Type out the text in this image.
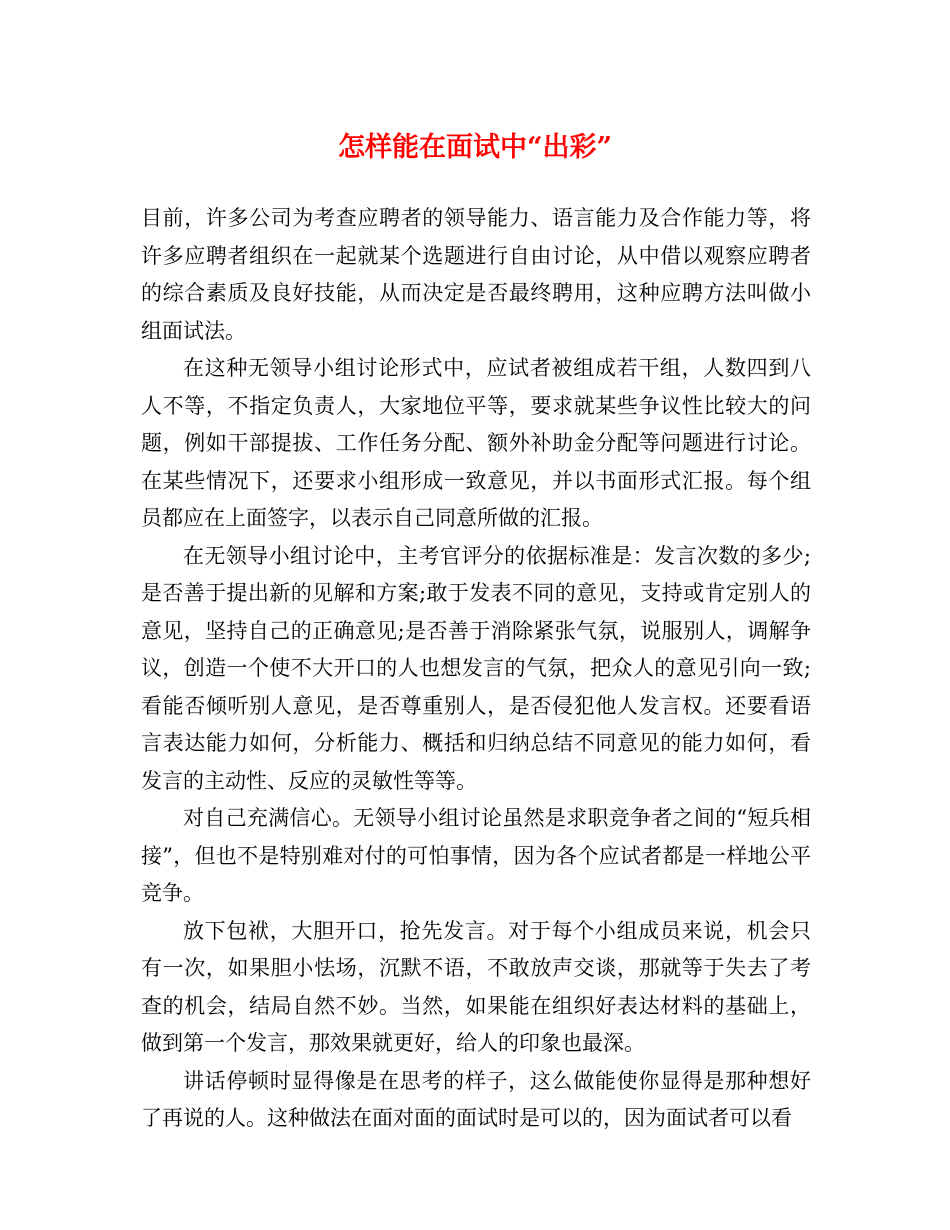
怎样能在面试中“出彩”

目前，许多公司为考查应聘者的领导能力、语言能力及合作能力等，将许多应聘者组织在一起就某个选题进行自由讨论，从中借以观察应聘者的综合素质及良好技能，从而决定是否最终聘用，这种应聘方法叫做小组面试法。

在这种无领导小组讨论形式中，应试者被组成若干组，人数四到八人不等，不指定负责人，大家地位平等，要求就某些争议性比较大的问题，例如干部提拔、工作任务分配、额外补助金分配等问题进行讨论。在某些情况下，还要求小组形成一致意见，并以书面形式汇报。每个组员都应在上面签字，以表示自己同意所做的汇报。

在无领导小组讨论中，主考官评分的依据标准是：发言次数的多少;是否善于提出新的见解和方案;敢于发表不同的意见，支持或肯定别人的意见，坚持自己的正确意见;是否善于消除紧张气氛，说服别人，调解争议，创造一个使不大开口的人也想发言的气氛，把众人的意见引向一致;看能否倾听别人意见，是否尊重别人，是否侵犯他人发言权。还要看语言表达能力如何，分析能力、概括和归纳总结不同意见的能力如何，看发言的主动性、反应的灵敏性等等。

对自己充满信心。无领导小组讨论虽然是求职竞争者之间的“短兵相接”，但也不是特别难对付的可怕事情，因为各个应试者都是一样地公平竞争。

放下包袱，大胆开口，抢先发言。对于每个小组成员来说，机会只有一次，如果胆小怯场，沉默不语，不敢放声交谈，那就等于失去了考查的机会，结局自然不妙。当然，如果能在组织好表达材料的基础上，做到第一个发言，那效果就更好，给人的印象也最深。

讲话停顿时显得像是在思考的样子，这么做能使你显得是那种想好了再说的人。这种做法在面对面的面试时是可以的，因为面试者可以看
